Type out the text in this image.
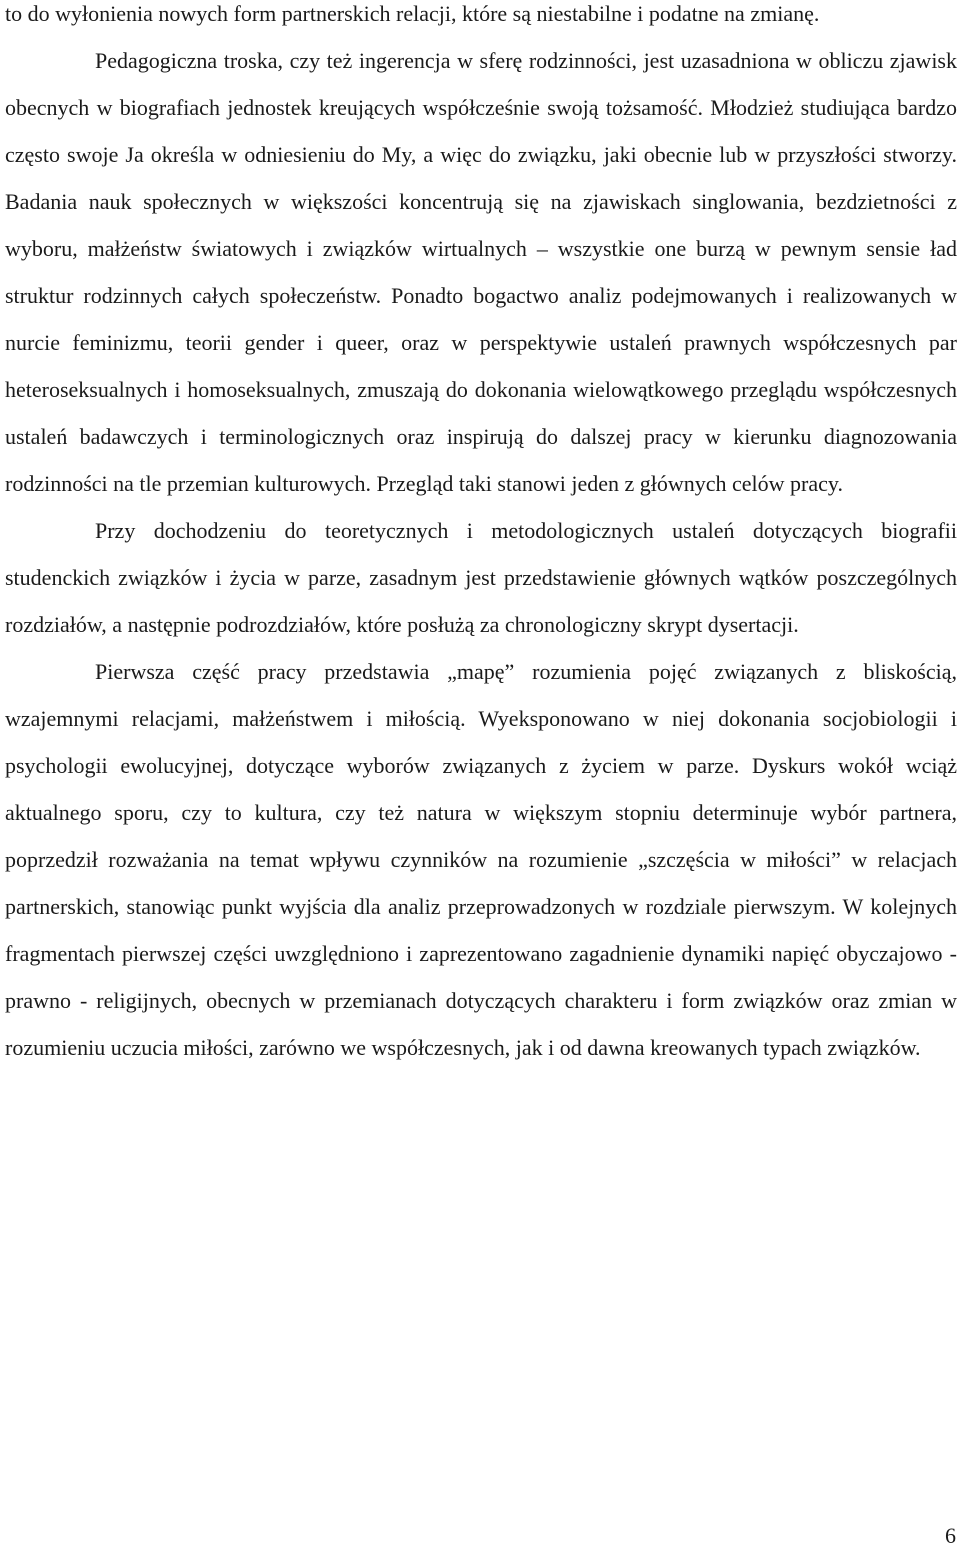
to do wyłonienia nowych form partnerskich relacji, które są niestabilne i podatne na zmianę.

Pedagogiczna troska, czy też ingerencja w sferę rodzinności, jest uzasadniona w obliczu zjawisk obecnych w biografiach jednostek kreujących współcześnie swoją tożsamość. Młodzież studiująca bardzo często swoje Ja określa w odniesieniu do My, a więc do związku, jaki obecnie lub w przyszłości stworzy. Badania nauk społecznych w większości koncentrują się na zjawiskach singlowania, bezdzietności z wyboru, małżeństw światowych i związków wirtualnych – wszystkie one burzą w pewnym sensie ład struktur rodzinnych całych społeczeństw. Ponadto bogactwo analiz podejmowanych i realizowanych w nurcie feminizmu, teorii gender i queer, oraz w perspektywie ustaleń prawnych współczesnych par heteroseksualnych i homoseksualnych, zmuszają do dokonania wielowątkowego przeglądu współczesnych ustaleń badawczych i terminologicznych oraz inspirują do dalszej pracy w kierunku diagnozowania rodzinności na tle przemian kulturowych. Przegląd taki stanowi jeden z głównych celów pracy.

Przy dochodzeniu do teoretycznych i metodologicznych ustaleń dotyczących biografii studenckich związków i życia w parze, zasadnym jest przedstawienie głównych wątków poszczególnych rozdziałów, a następnie podrozdziałów, które posłużą za chronologiczny skrypt dysertacji.

Pierwsza część pracy przedstawia „mapę” rozumienia pojęć związanych z bliskością, wzajemnymi relacjami, małżeństwem i miłością. Wyeksponowano w niej dokonania socjobiologii i psychologii ewolucyjnej, dotyczące wyborów związanych z życiem w parze. Dyskurs wokół wciąż aktualnego sporu, czy to kultura, czy też natura w większym stopniu determinuje wybór partnera, poprzedził rozważania na temat wpływu czynników na rozumienie „szczęścia w miłości” w relacjach partnerskich, stanowiąc punkt wyjścia dla analiz przeprowadzonych w rozdziale pierwszym. W kolejnych fragmentach pierwszej części uwzględniono i zaprezentowano zagadnienie dynamiki napięć obyczajowo - prawno - religijnych, obecnych w przemianach dotyczących charakteru i form związków oraz zmian w rozumieniu uczucia miłości, zarówno we współczesnych, jak i od dawna kreowanych typach związków.

6
